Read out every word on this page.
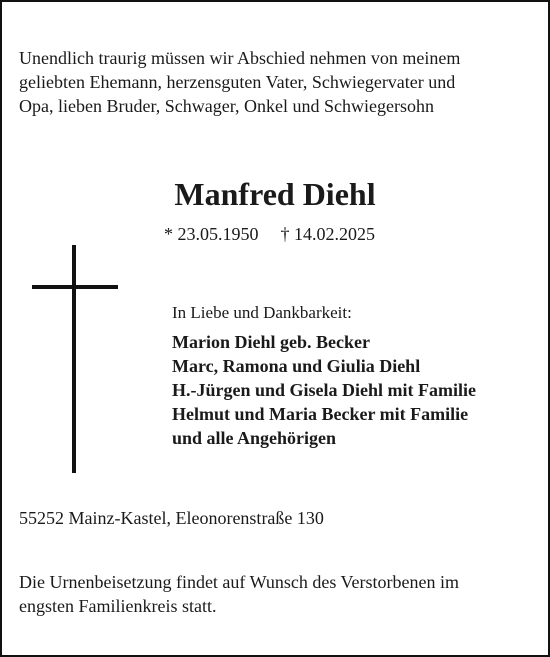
Unendlich traurig müssen wir Abschied nehmen von meinem
geliebten Ehemann, herzensguten Vater, Schwiegervater und
Opa, lieben Bruder, Schwager, Onkel und Schwiegersohn

Manfred Diehl
* 23.05.1950 † 14.02.2025

In Liebe und Dankbarkeit:

Marion Diehl geb. Becker
Marc, Ramona und Giulia Diehl
H.-Jürgen und Gisela Diehl mit Familie
Helmut und Maria Becker mit Familie
und alle Angehörigen

55252 Mainz-Kastel, Eleonorenstraße 130

Die Urnenbeisetzung findet auf Wunsch des Verstorbenen im
engsten Familienkreis statt.
